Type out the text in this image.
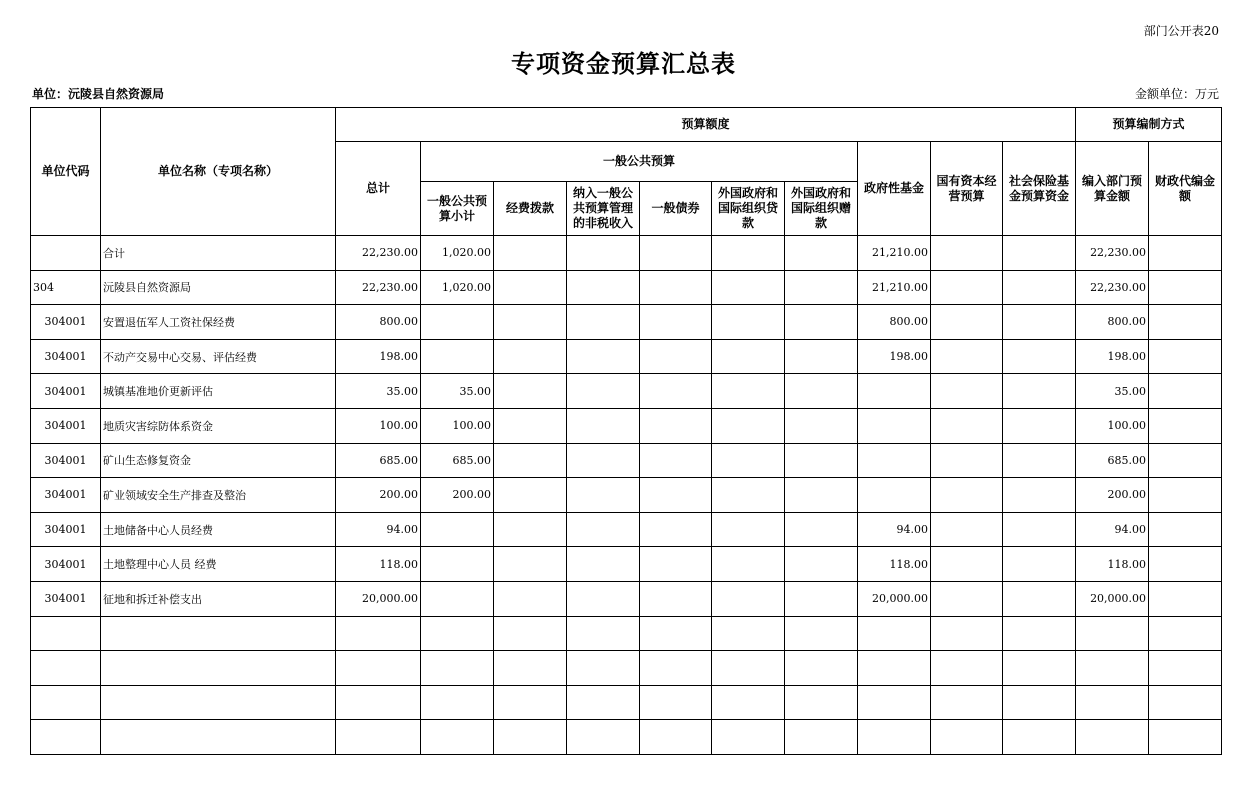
部门公开表20
专项资金预算汇总表
单位：沅陵县自然资源局	金额单位：万元
单位代码	单位名称（专项名称）	预算额度										预算编制方式	
		总计	一般公共预算						政府性基金	国有资本经营预算	社会保险基金预算资金	编入部门预算金额	财政代编金额
			一般公共预算小计	经费拨款	纳入一般公共预算管理的非税收入	一般债券	外国政府和国际组织贷款	外国政府和国际组织赠款					
	合计	22,230.00	1,020.00						21,210.00			22,230.00	
304	沅陵县自然资源局	22,230.00	1,020.00						21,210.00			22,230.00	
304001	安置退伍军人工资社保经费	800.00							800.00			800.00	
304001	不动产交易中心交易、评估经费	198.00							198.00			198.00	
304001	城镇基准地价更新评估	35.00	35.00									35.00	
304001	地质灾害综防体系资金	100.00	100.00									100.00	
304001	矿山生态修复资金	685.00	685.00									685.00	
304001	矿业领域安全生产排查及整治	200.00	200.00									200.00	
304001	土地储备中心人员经费	94.00							94.00			94.00	
304001	土地整理中心人员 经费	118.00							118.00			118.00	
304001	征地和拆迁补偿支出	20,000.00							20,000.00			20,000.00	
